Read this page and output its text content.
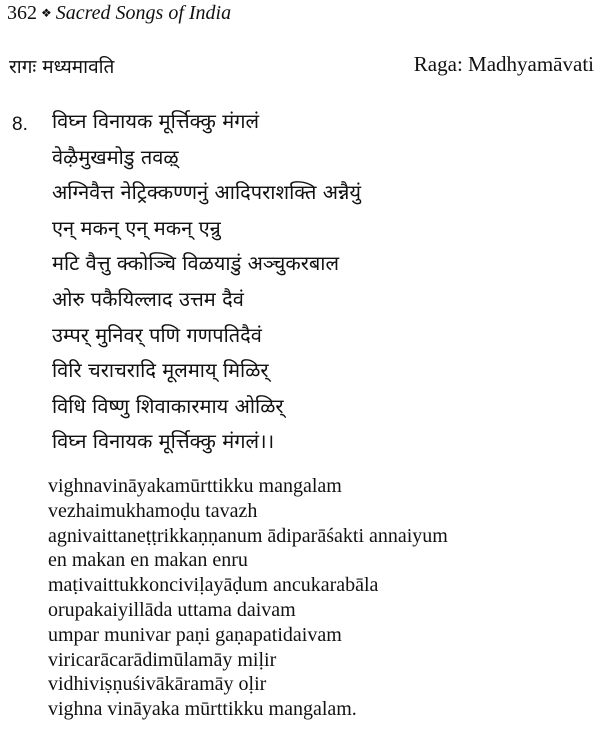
362 ❖ Sacred Songs of India
रागः मध्यमावति	Raga: Madhyamāvati
8. विघ्न विनायक मूर्त्तिक्कु मंगलं
वेऴैमुखमोडु तवऴ्
अग्निवैत्त नेट्रिक्कण्णनुं आदिपराशक्ति अन्नैयुं
एन् मकन् एन् मकन् एन्रु
मटि वैत्तु क्कोञ्चि विळयाडुं अञ्चुकरबाल
ओरु पकैयिल्लाद उत्तम दैवं
उम्पर् मुनिवर् पणि गणपतिदैवं
विरि चराचरादि मूलमाय् मिळिर्
विधि विष्णु शिवाकारमाय ओळिर्
विघ्न विनायक मूर्त्तिक्कु मंगलं।।
vighnavināyakamūrttikku mangalam
vezhaimukhamoḍu tavazh
agnivaittaneṭṭrikkaṇṇanum ādiparāśakti annaiyum
en makan en makan enru
maṭivaittukkonciviḷayāḍum ancukarabāla
orupakaiyillāda uttama daivam
umpar munivar paṇi gaṇapatidaivam
viricarācarādimūlamāy miḷir
vidhiviṣṇuśivākāramāy oḷir
vighna vināyaka mūrttikku mangalam.
